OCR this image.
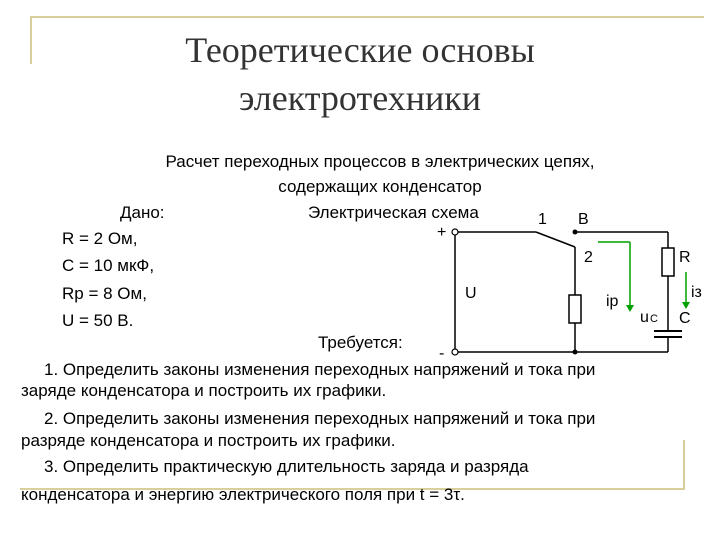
Теоретические основы
электротехники
Расчет переходных процессов в электрических цепях,
содержащих конденсатор
Дано:	Электрическая схема
R = 2 Ом,
C = 10 мкФ,
Rр = 8 Ом,
U = 50 В.
Требуется:
1. Определить законы изменения переходных напряжений и тока при
заряде конденсатора и построить их графики.
2. Определить законы изменения переходных напряжений и тока при
разряде конденсатора и построить их графики.
3. Определить практическую длительность заряда и разряда
конденсатора и энергию электрического поля при t = 3τ.
+
-
U
1
2
В
R
iз
C
iр
u C
